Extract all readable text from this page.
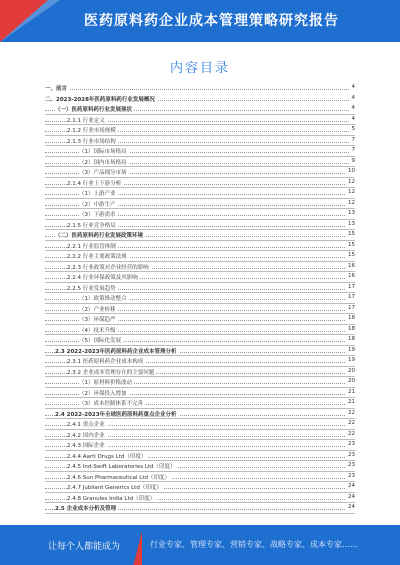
医药原料药企业成本管理策略研究报告
内容目录
一、前言	4
二、2023-2028年医药原料药行业发展概况	4
（一）医药原料药行业发展现状	4
2.1.1 行业定义	4
2.1.2 行业市场规模	5
2.1.3 行业市场结构	7
（1）国际市场格局	7
（2）国内市场格局	9
（3）产品细分市场	10
2.1.4 行业上下游分析	12
（1）上游产业	12
（2）中游生产	12
（3）下游需求	13
2.1.5 行业竞争格局	13
（二）医药原料药行业发展政策环境	15
2.2.1 行业监管体制	15
2.2.2 行业主要政策法规	15
2.2.3 行业政策对企业经营的影响	16
2.2.4 行业环保政策及其影响	16
2.2.5 行业发展趋势	17
（1）政策推动整合	17
（2）产业转移	17
（3）环保趋严	18
（4）技术升级	18
（5）国际化发展	18
2.3 2022-2023年医药原料药企业成本管理分析	19
2.3.1 医药原料药企业成本构成	19
2.3.2 企业成本管理存在的主要问题	20
（1）原材料价格波动	20
（2）环保投入增加	21
（3）成本控制体系不完善	21
2.4 2022-2023年全球医药原料药重点企业分析	22
2.4.1 重点企业	22
2.4.2 国内企业	22
2.4.3 国际企业	23
2.4.4 Aarti Drugs Ltd（印度）	23
2.4.5 Ind-Swift Laboratories Ltd（印度）	23
2.4.6 Sun Pharmaceutical Ltd（印度）	23
2.4.7 Jubilant Generics Ltd（印度）	24
2.4.8 Granules India Ltd（印度）	24
2.5 企业成本分析及管理	24
让每个人都能成为	行业专家、管理专家、营销专家、战略专家、成本专家……
